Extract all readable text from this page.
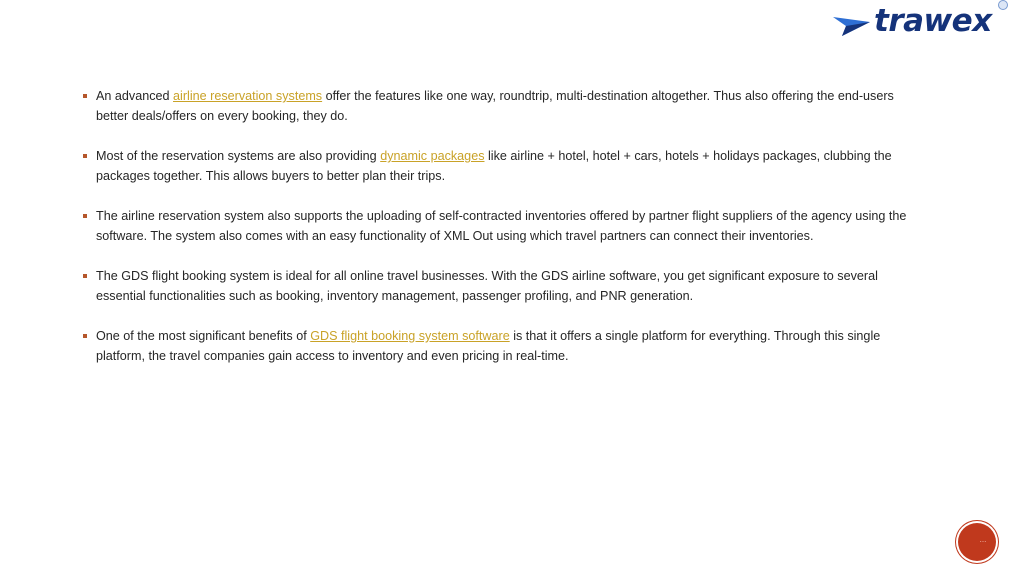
trawex
An advanced airline reservation systems offer the features like one way, roundtrip, multi-destination altogether. Thus also offering the end-users better deals/offers on every booking, they do.
Most of the reservation systems are also providing dynamic packages like airline + hotel, hotel + cars, hotels + holidays packages, clubbing the packages together. This allows buyers to better plan their trips.
The airline reservation system also supports the uploading of self-contracted inventories offered by partner flight suppliers of the agency using the software. The system also comes with an easy functionality of XML Out using which travel partners can connect their inventories.
The GDS flight booking system is ideal for all online travel businesses. With the GDS airline software, you get significant exposure to several essential functionalities such as booking, inventory management, passenger profiling, and PNR generation.
One of the most significant benefits of GDS flight booking system software is that it offers a single platform for everything. Through this single platform, the travel companies gain access to inventory and even pricing in real-time.
···
